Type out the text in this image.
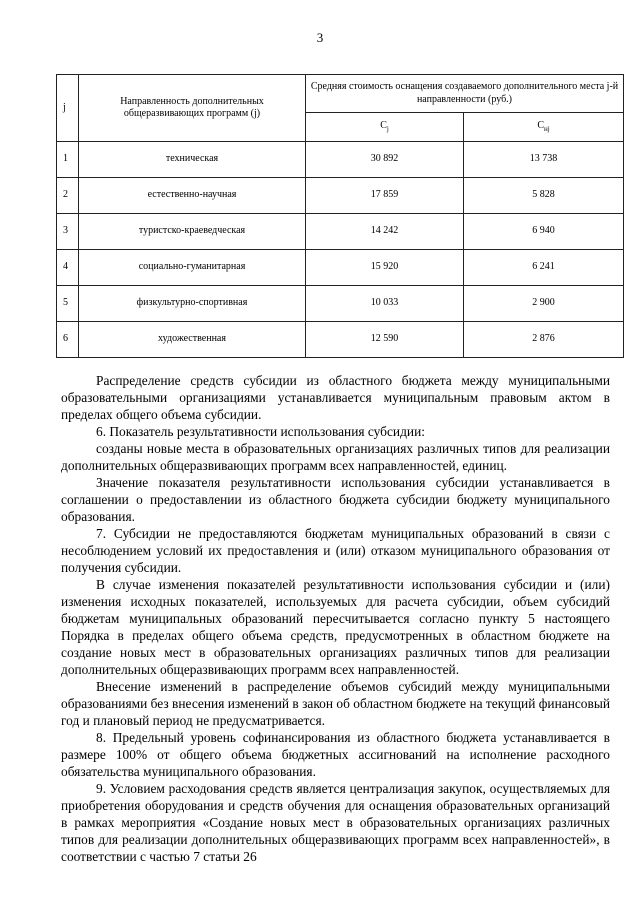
3
j	Направленность дополнительных общеразвивающих программ (j)	Средняя стоимость оснащения создаваемого дополнительного места j-й направленности (руб.)	
		$C_j$	$C_{нj}$
1	техническая	30 892	13 738
2	естественно-научная	17 859	5 828
3	туристско-краеведческая	14 242	6 940
4	социально-гуманитарная	15 920	6 241
5	физкультурно-спортивная	10 033	2 900
6	художественная	12 590	2 876

Распределение средств субсидии из областного бюджета между муниципальными образовательными организациями устанавливается муниципальным правовым актом в пределах общего объема субсидии.

6. Показатель результативности использования субсидии:

созданы новые места в образовательных организациях различных типов для реализации дополнительных общеразвивающих программ всех направленностей, единиц.

Значение показателя результативности использования субсидии устанавливается в соглашении о предоставлении из областного бюджета субсидии бюджету муниципального образования.

7. Субсидии не предоставляются бюджетам муниципальных образований в связи с несоблюдением условий их предоставления и (или) отказом муниципального образования от получения субсидии.

В случае изменения показателей результативности использования субсидии и (или) изменения исходных показателей, используемых для расчета субсидии, объем субсидий бюджетам муниципальных образований пересчитывается согласно пункту 5 настоящего Порядка в пределах общего объема средств, предусмотренных в областном бюджете на создание новых мест в образовательных организациях различных типов для реализации дополнительных общеразвивающих программ всех направленностей.

Внесение изменений в распределение объемов субсидий между муниципальными образованиями без внесения изменений в закон об областном бюджете на текущий финансовый год и плановый период не предусматривается.

8. Предельный уровень софинансирования из областного бюджета устанавливается в размере 100% от общего объема бюджетных ассигнований на исполнение расходного обязательства муниципального образования.

9. Условием расходования средств является централизация закупок, осуществляемых для приобретения оборудования и средств обучения для оснащения образовательных организаций в рамках мероприятия «Создание новых мест в образовательных организациях различных типов для реализации дополнительных общеразвивающих программ всех направленностей», в соответствии с частью 7 статьи 26
